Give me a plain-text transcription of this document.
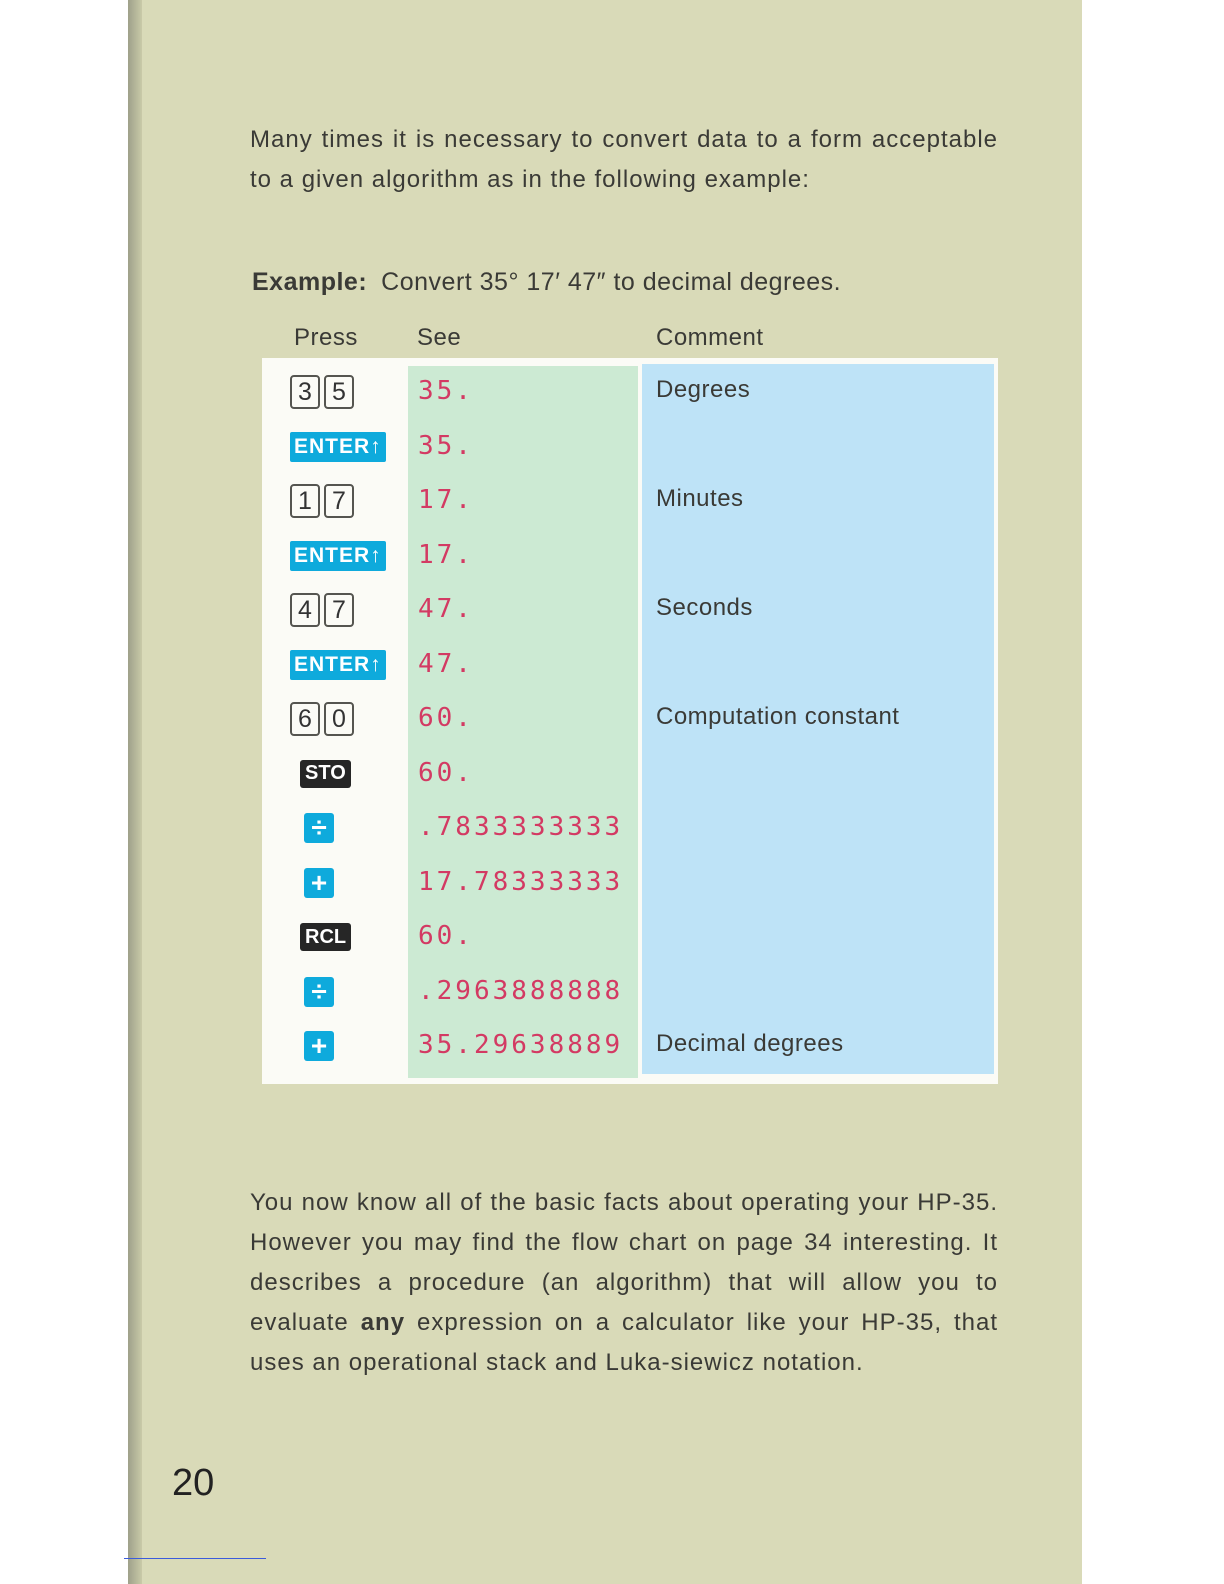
Many times it is necessary to convert data to a form acceptable to a given algorithm as in the following example:
Example: Convert 35° 17′ 47″ to decimal degrees.
Press See	Comment
3 5	35.	Degrees
ENTER↑ 35.
1 7	17.	Minutes
ENTER↑ 17.
4 7	47.	Seconds
ENTER↑ 47.
6 0	60.	Computation constant
STO	60.
÷	.7833333333
+	17.78333333
RCL	60.
÷	.2963888888
+	35.29638889 Decimal degrees
You now know all of the basic facts about operating your HP-35. However you may find the flow chart on page 34 interesting. It describes a procedure (an algorithm) that will allow you to evaluate any expression on a calculator like your HP-35, that uses an operational stack and Luka-siewicz notation.
20
